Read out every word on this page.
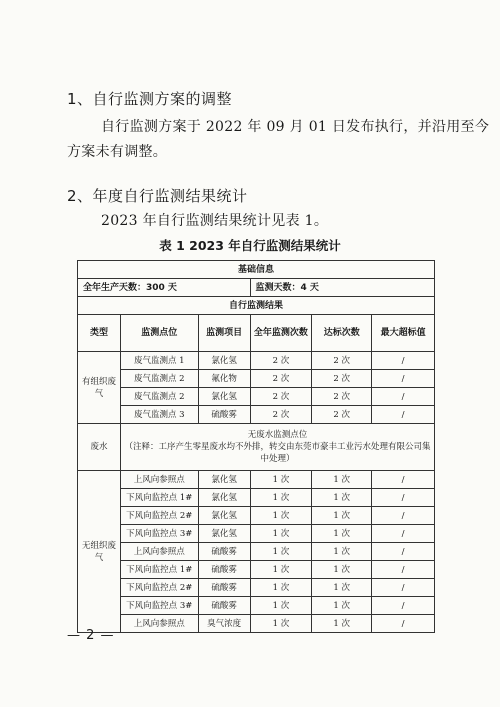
1、自行监测方案的调整
自行监测方案于 2022 年 09 月 01 日发布执行，并沿用至今
方案未有调整。
2、年度自行监测结果统计
2023 年自行监测结果统计见表 1。
表 1 2023 年自行监测结果统计
基础信息					
全年生产天数：300 天			监测天数：4 天		
自行监测结果					
类型	监测点位	监测项目	全年监测次数	达标次数	最大超标值
有组织废气	废气监测点 1	氯化氢	2 次	2 次	/
	废气监测点 2	氟化物	2 次	2 次	/
	废气监测点 2	氯化氢	2 次	2 次	/
	废气监测点 3	硫酸雾	2 次	2 次	/
废水	无废水监测点位
（注释：工序产生零星废水均不外排，转交由东莞市豪丰工业污水处理有限公司集中处理）				

无组织废气	上风向参照点	氯化氢	1 次	1 次	/
	下风向监控点 1#	氯化氢	1 次	1 次	/
	下风向监控点 2#	氯化氢	1 次	1 次	/
	下风向监控点 3#	氯化氢	1 次	1 次	/
	上风向参照点	硫酸雾	1 次	1 次	/
	下风向监控点 1#	硫酸雾	1 次	1 次	/
	下风向监控点 2#	硫酸雾	1 次	1 次	/
	下风向监控点 3#	硫酸雾	1 次	1 次	/
	上风向参照点	臭气浓度	1 次	1 次	/
— 2 —
